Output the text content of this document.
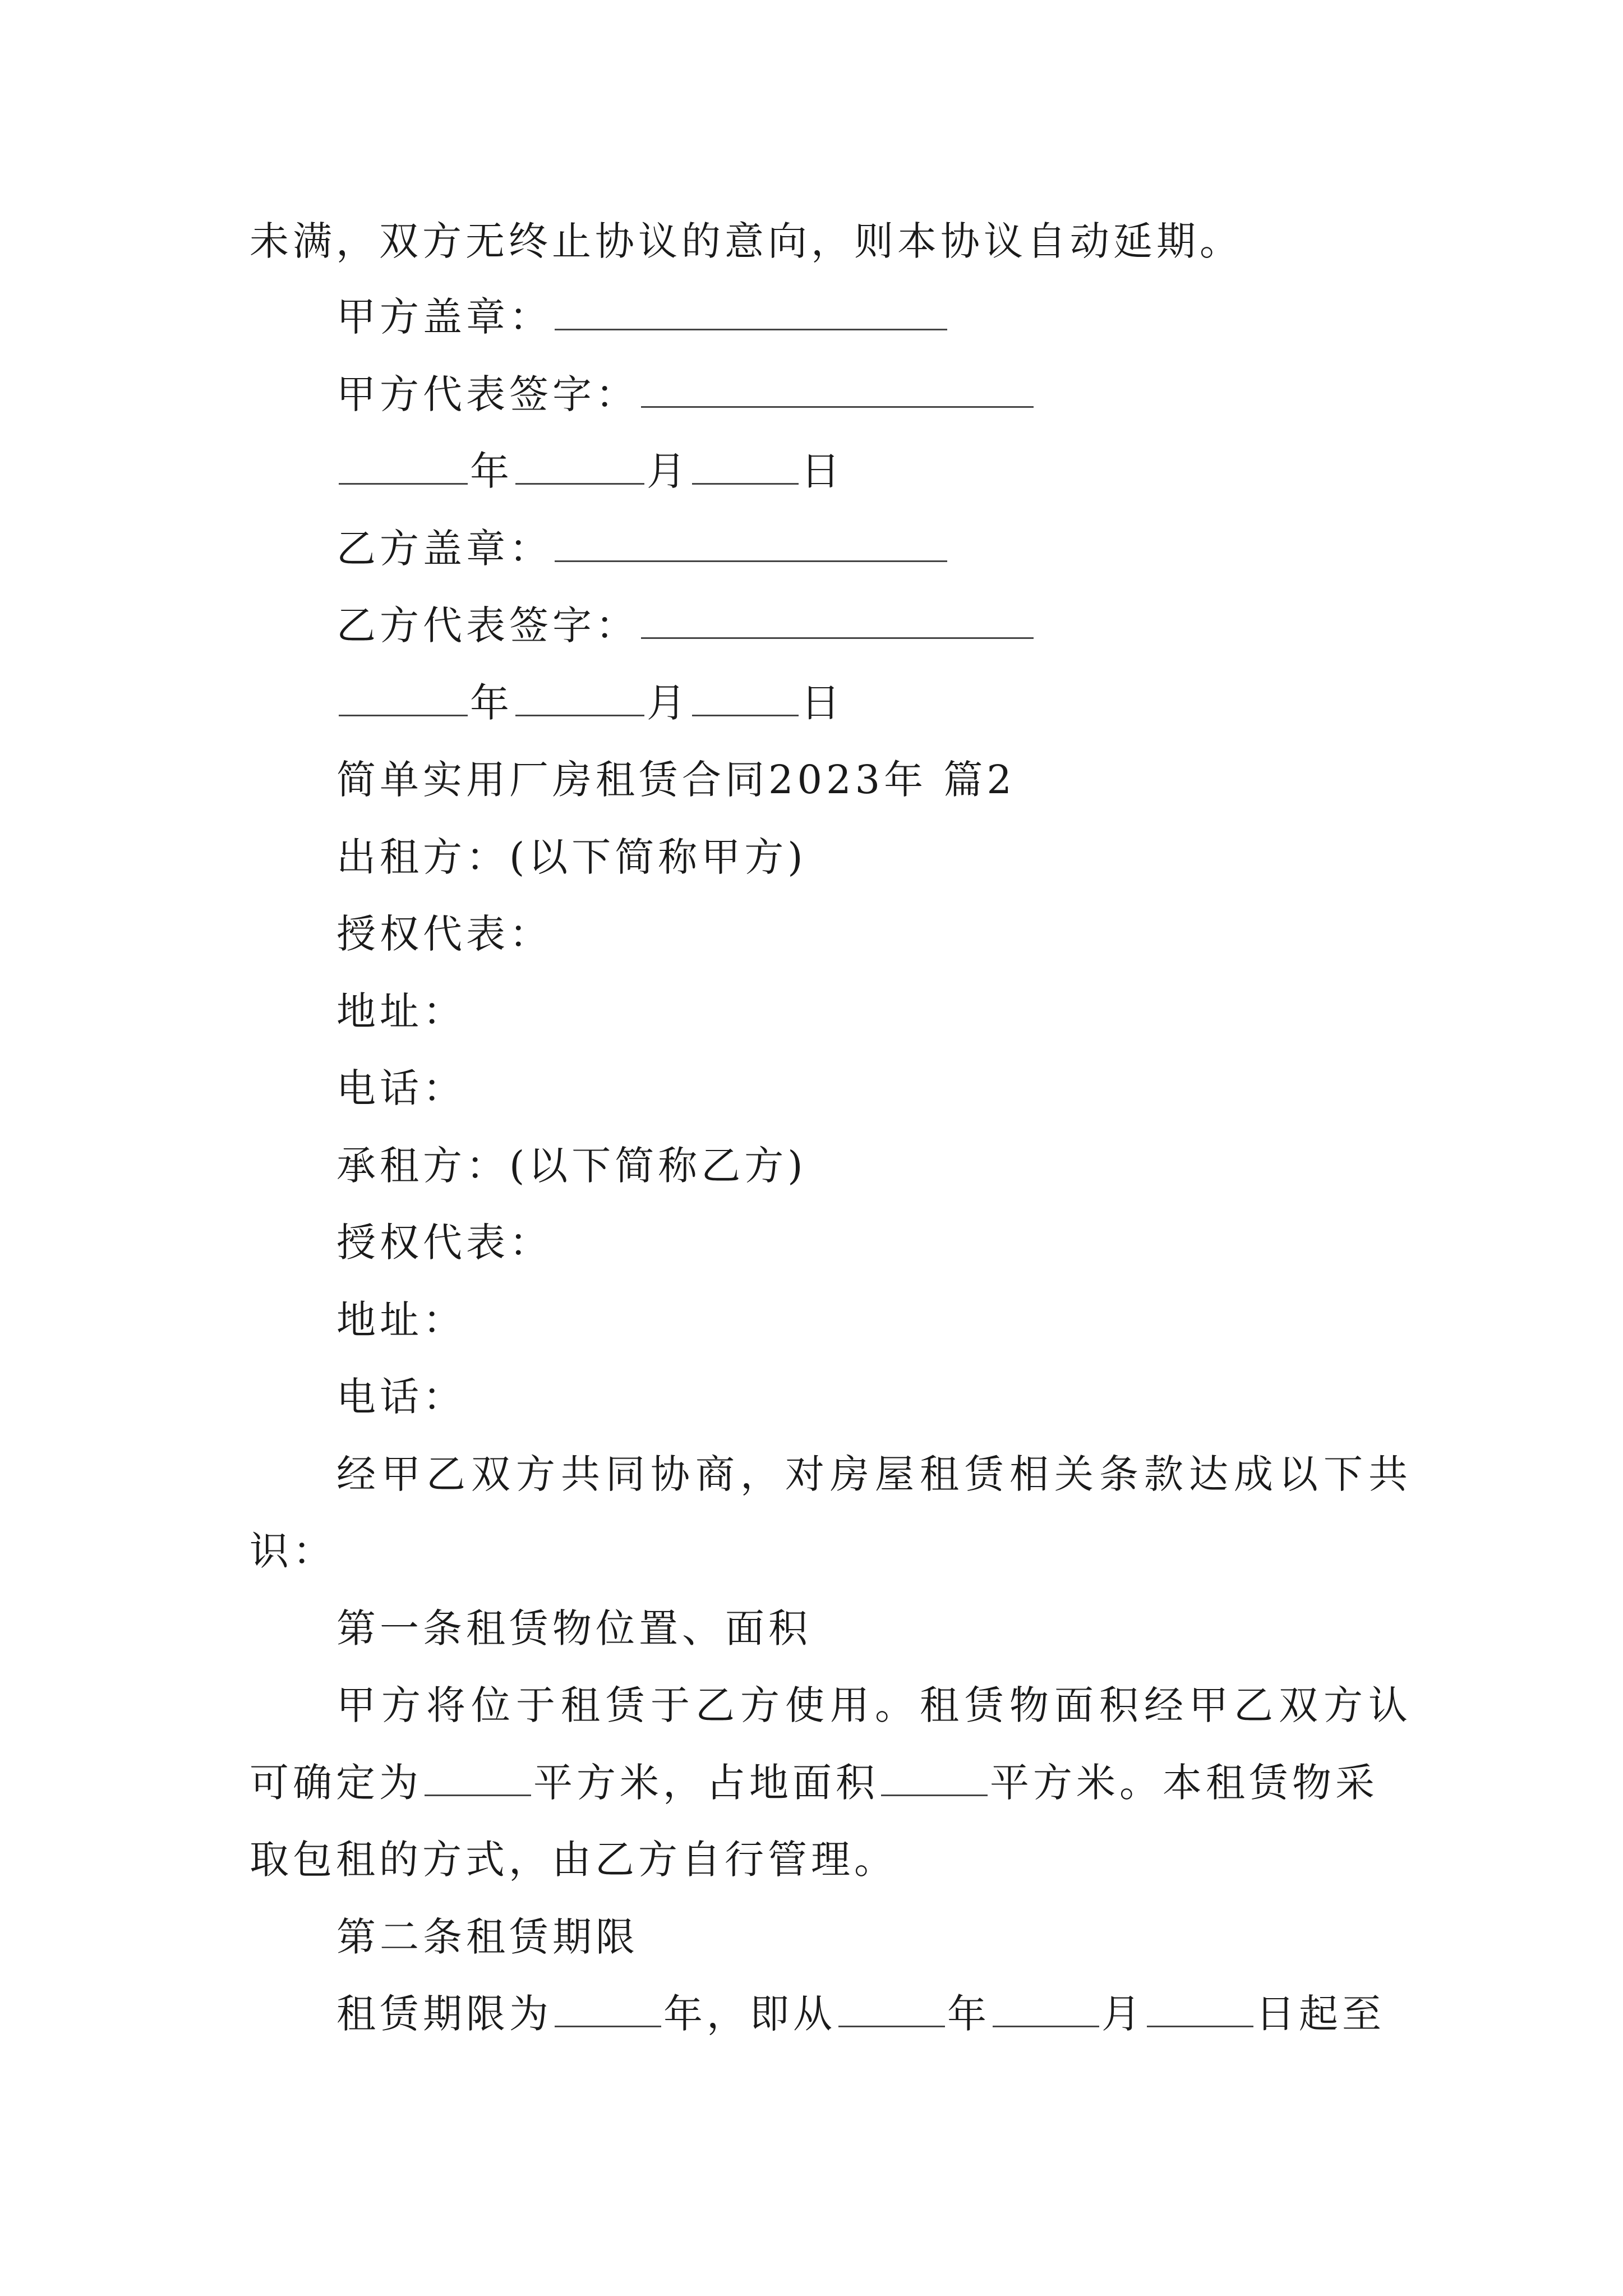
未满，双方无终止协议的意向，则本协议自动延期。
甲方盖章：
甲方代表签字：
年	月	日
乙方盖章：
乙方代表签字：
年	月	日
简单实用厂房租赁合同2023年 篇2
出租方：(以下简称甲方)
授权代表：
地址：
电话：
承租方：(以下简称乙方)
授权代表：
地址：
电话：
经甲乙双方共同协商，对房屋租赁相关条款达成以下共
识：
第一条租赁物位置、面积
甲方将位于租赁于乙方使用。租赁物面积经甲乙双方认
可确定为	平方米，占地面积	平方米。本租赁物采
取包租的方式，由乙方自行管理。
第二条租赁期限
租赁期限为	年，即从	年	月	日起至
